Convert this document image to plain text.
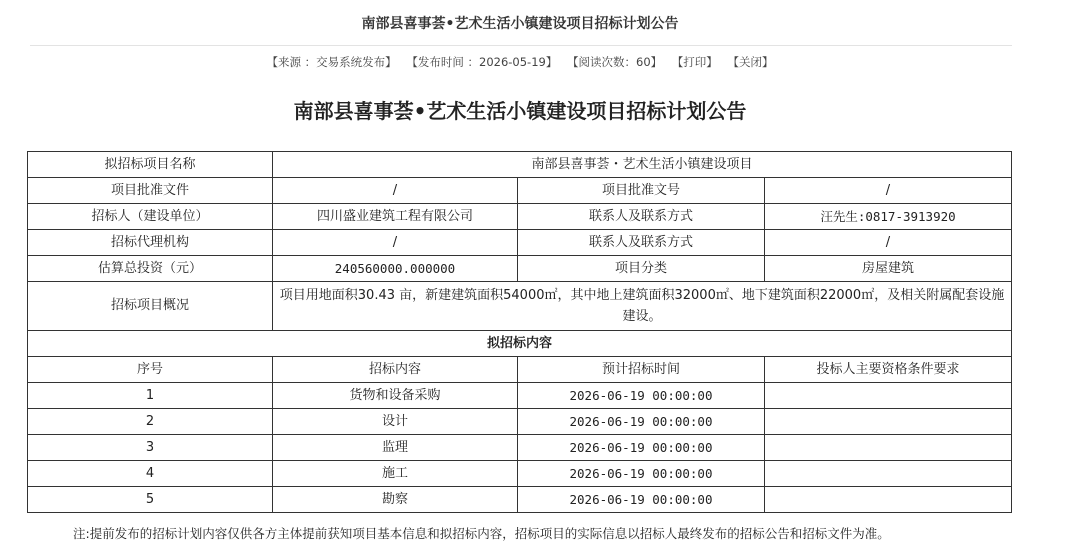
南部县喜事荟•艺术生活小镇建设项目招标计划公告
【来源 ：交易系统发布】 【发布时间 ：2026-05-19】 【阅读次数：60】 【打印】 【关闭】
南部县喜事荟•艺术生活小镇建设项目招标计划公告
拟招标项目名称	南部县喜事荟・艺术生活小镇建设项目		
项目批准文件	/	项目批准文号	/
招标人（建设单位）	四川盛业建筑工程有限公司	联系人及联系方式	汪先生:0817-3913920
招标代理机构	/	联系人及联系方式	/
估算总投资（元）	240560000.000000	项目分类	房屋建筑
招标项目概况	项目用地面积30.43 亩，新建建筑面积54000㎡，其中地上建筑面积32000㎡、地下建筑面积22000㎡，及相关附属配套设施建设。		
拟招标内容			
序号	招标内容	预计招标时间	投标人主要资格条件要求
1	货物和设备采购	2026-06-19 00:00:00	
2	设计	2026-06-19 00:00:00	
3	监理	2026-06-19 00:00:00	
4	施工	2026-06-19 00:00:00	
5	勘察	2026-06-19 00:00:00	
注:提前发布的招标计划内容仅供各方主体提前获知项目基本信息和拟招标内容，招标项目的实际信息以招标人最终发布的招标公告和招标文件为准。
